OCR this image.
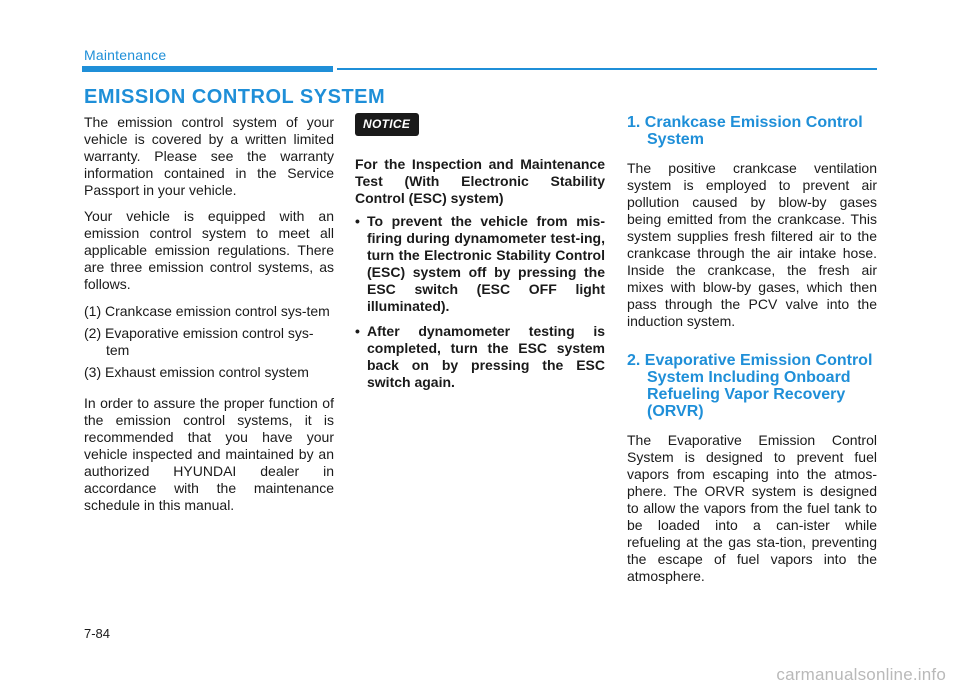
Maintenance
EMISSION CONTROL SYSTEM

The emission control system of your vehicle is covered by a written limited warranty. Please see the warranty information contained in the Service Passport in your vehicle.

Your vehicle is equipped with an emission control system to meet all applicable emission regulations. There are three emission control systems, as follows.

(1) Crankcase emission control sys-tem
(2) Evaporative emission control sys-tem
(3) Exhaust emission control system

In order to assure the proper function of the emission control systems, it is recommended that you have your vehicle inspected and maintained by an authorized HYUNDAI dealer in accordance with the maintenance schedule in this manual.

NOTICE
For the Inspection and Maintenance Test (With Electronic Stability Control (ESC) system)
• To prevent the vehicle from mis-firing during dynamometer test-ing, turn the Electronic Stability Control (ESC) system off by pressing the ESC switch (ESC OFF light illuminated).
• After dynamometer testing is completed, turn the ESC system back on by pressing the ESC switch again.
1. Crankcase Emission Control System

The positive crankcase ventilation system is employed to prevent air pollution caused by blow-by gases being emitted from the crankcase. This system supplies fresh filtered air to the crankcase through the air intake hose. Inside the crankcase, the fresh air mixes with blow-by gases, which then pass through the PCV valve into the induction system.

2. Evaporative Emission Control System Including Onboard Refueling Vapor Recovery (ORVR)

The Evaporative Emission Control System is designed to prevent fuel vapors from escaping into the atmos-phere. The ORVR system is designed to allow the vapors from the fuel tank to be loaded into a can-ister while refueling at the gas sta-tion, preventing the escape of fuel vapors into the atmosphere.

7-84
carmanualsonline.info
